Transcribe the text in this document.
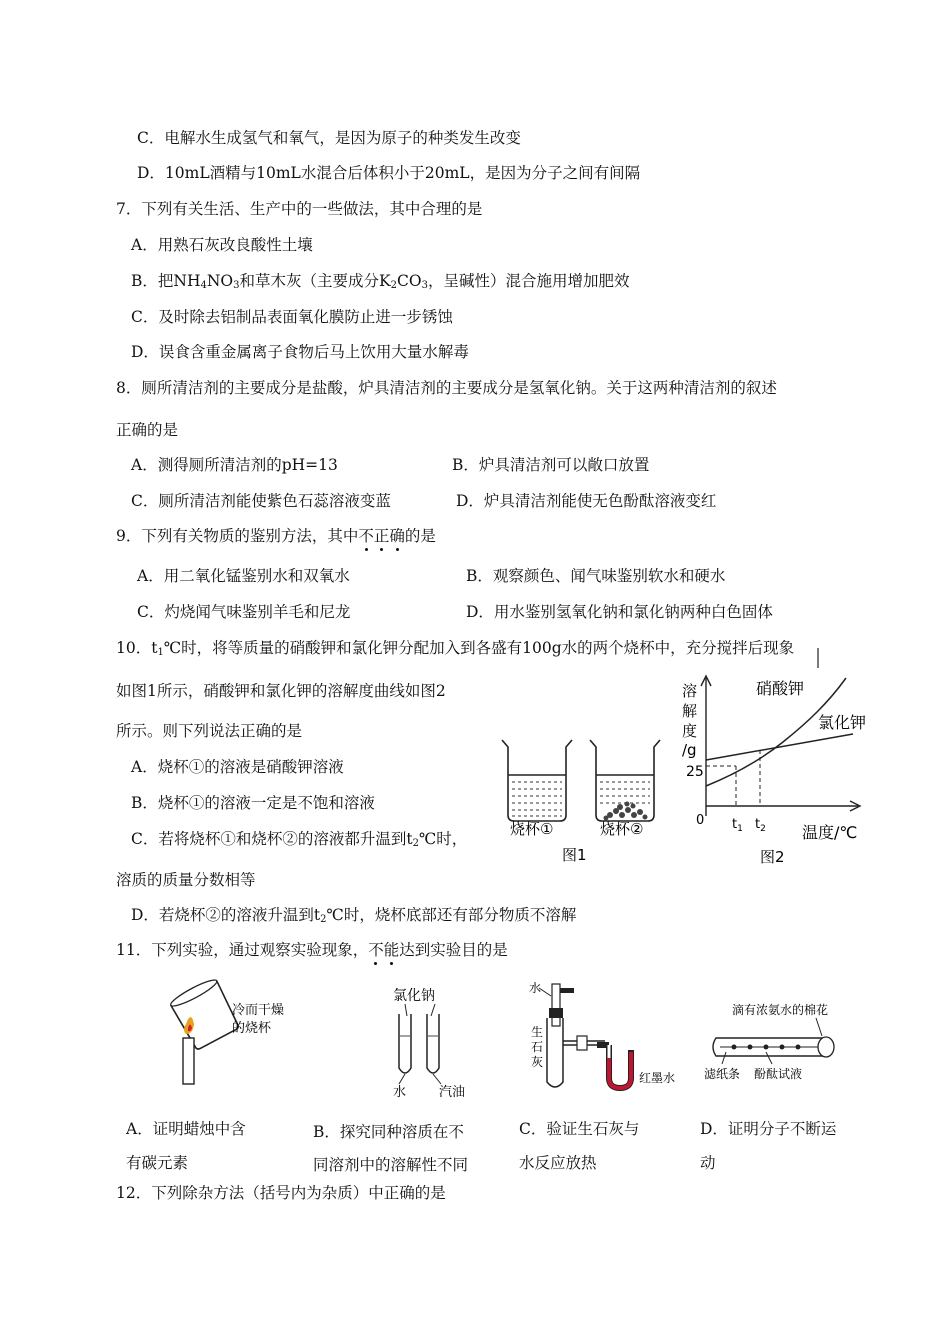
C．电解水生成氢气和氧气，是因为原子的种类发生改变
D．10mL酒精与10mL水混合后体积小于20mL，是因为分子之间有间隔
7．下列有关生活、生产中的一些做法，其中合理的是
A．用熟石灰改良酸性土壤
B．把$NH_4NO_3$和草木灰（主要成分$K_2CO_3$，呈碱性）混合施用增加肥效
C．及时除去铝制品表面氧化膜防止进一步锈蚀
D．误食含重金属离子食物后马上饮用大量水解毒
8．厕所清洁剂的主要成分是盐酸，炉具清洁剂的主要成分是氢氧化钠。关于这两种清洁剂的叙述
正确的是
A．测得厕所清洁剂的pH=13	B．炉具清洁剂可以敞口放置
C．厕所清洁剂能使紫色石蕊溶液变蓝	D．炉具清洁剂能使无色酚酞溶液变红
9．下列有关物质的鉴别方法，其中不正确的是
A．用二氧化锰鉴别水和双氧水	B．观察颜色、闻气味鉴别软水和硬水
C．灼烧闻气味鉴别羊毛和尼龙	D．用水鉴别氢氧化钠和氯化钠两种白色固体
10．$t_1℃$时，将等质量的硝酸钾和氯化钾分配加入到各盛有100g水的两个烧杯中，充分搅拌后现象
如图1所示，硝酸钾和氯化钾的溶解度曲线如图2
所示。则下列说法正确的是
A．烧杯①的溶液是硝酸钾溶液
B．烧杯①的溶液一定是不饱和溶液
C．若将烧杯①和烧杯②的溶液都升温到$t_2℃$时，
溶质的质量分数相等
D．若烧杯②的溶液升温到$t_2℃$时，烧杯底部还有部分物质不溶解
烧杯①	烧杯②
图1
溶
解
度
/g
25
0 $t_1$ $t_2$ 温度/℃
硝酸钾
氯化钾
图2
11．下列实验，通过观察实验现象，不能达到实验目的是
冷而干燥
的烧杯
氯化钠
水	汽油
水
生
石
灰
红墨水
滴有浓氨水的棉花
滤纸条 酚酞试液
A．证明蜡烛中含
有碳元素
B．探究同种溶质在不
同溶剂中的溶解性不同
C．验证生石灰与
水反应放热
D．证明分子不断运
动
12．下列除杂方法（括号内为杂质）中正确的是
